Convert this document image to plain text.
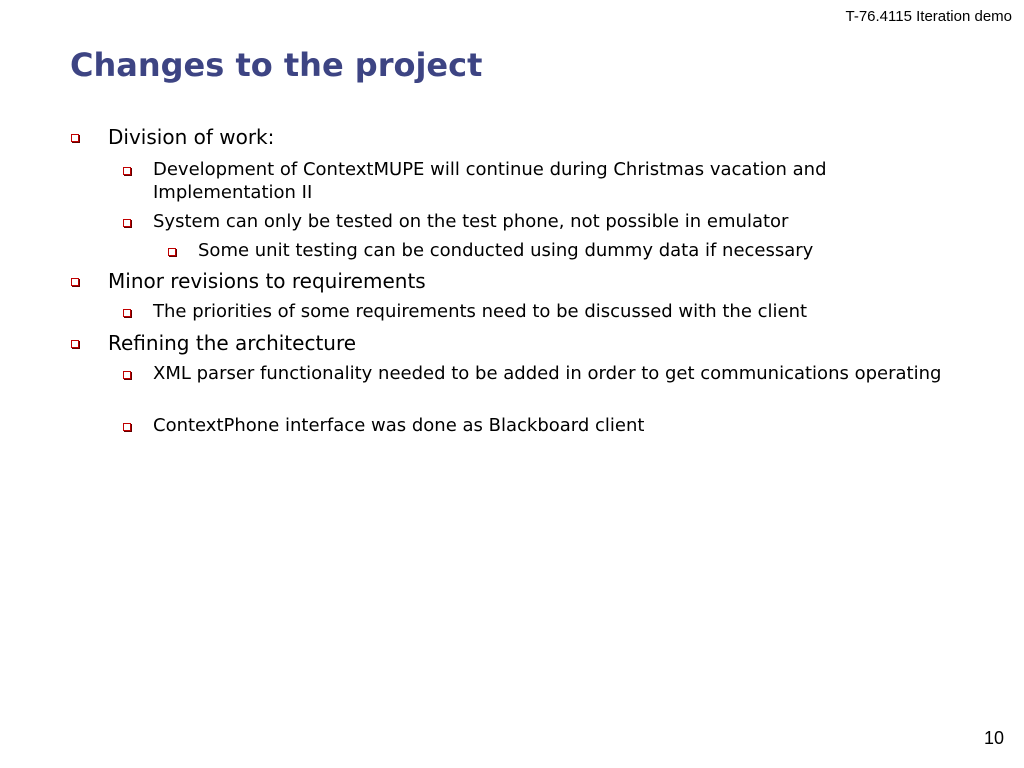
T-76.4115 Iteration demo
Changes to the project
Division of work:
Development of ContextMUPE will continue during Christmas vacation and Implementation II
System can only be tested on the test phone, not possible in emulator
Some unit testing can be conducted using dummy data if necessary
Minor revisions to requirements
The priorities of some requirements need to be discussed with the client
Refining the architecture
XML parser functionality needed to be added in order to get communications operating
ContextPhone interface was done as Blackboard client
10
